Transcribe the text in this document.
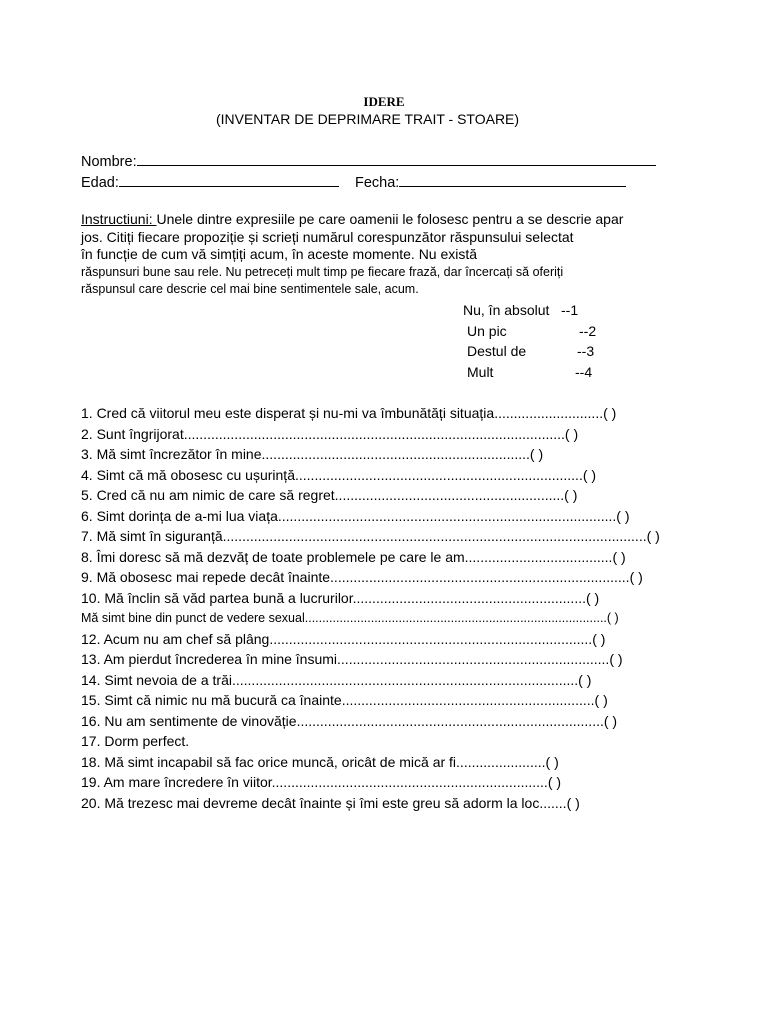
IDERE
(INVENTAR DE DEPRIMARE TRAIT - STOARE)
Nombre:
Edad:	Fecha:
Instructiuni: Unele dintre expresiile pe care oamenii le folosesc pentru a se descrie apar
jos. Citiți fiecare propoziție și scrieți numărul corespunzător răspunsului selectat
în funcție de cum vă simțiți acum, în aceste momente. Nu există
răspunsuri bune sau rele. Nu petreceți mult timp pe fiecare frază, dar încercați să oferiți
răspunsul care descrie cel mai bine sentimentele sale, acum.
Nu, în absolut --1
Un pic	--2
Destul de	--3
Mult	--4
1. Cred că viitorul meu este disperat și nu-mi va îmbunătăți situația............................( )
2. Sunt îngrijorat..................................................................................................( )
3. Mă simt încrezător în mine.....................................................................( )
4. Simt că mă obosesc cu ușurință..........................................................................( )
5. Cred că nu am nimic de care să regret...........................................................( )
6. Simt dorința de a-mi lua viața.......................................................................................( )
7. Mă simt în siguranță.............................................................................................................( )
8. Îmi doresc să mă dezvăț de toate problemele pe care le am......................................( )
9. Mă obosesc mai repede decât înainte.............................................................................( )
10. Mă înclin să văd partea bună a lucrurilor............................................................( )
Mă simt bine din punct de vedere sexual.......................................................................................( )
12. Acum nu am chef să plâng...................................................................................( )
13. Am pierdut încrederea în mine însumi......................................................................( )
14. Simt nevoia de a trăi.........................................................................................( )
15. Simt că nimic nu mă bucură ca înainte.................................................................( )
16. Nu am sentimente de vinovăție...............................................................................( )
17. Dorm perfect.
18. Mă simt incapabil să fac orice muncă, oricât de mică ar fi.......................( )
19. Am mare încredere în viitor.......................................................................( )
20. Mă trezesc mai devreme decât înainte și îmi este greu să adorm la loc.......( )
